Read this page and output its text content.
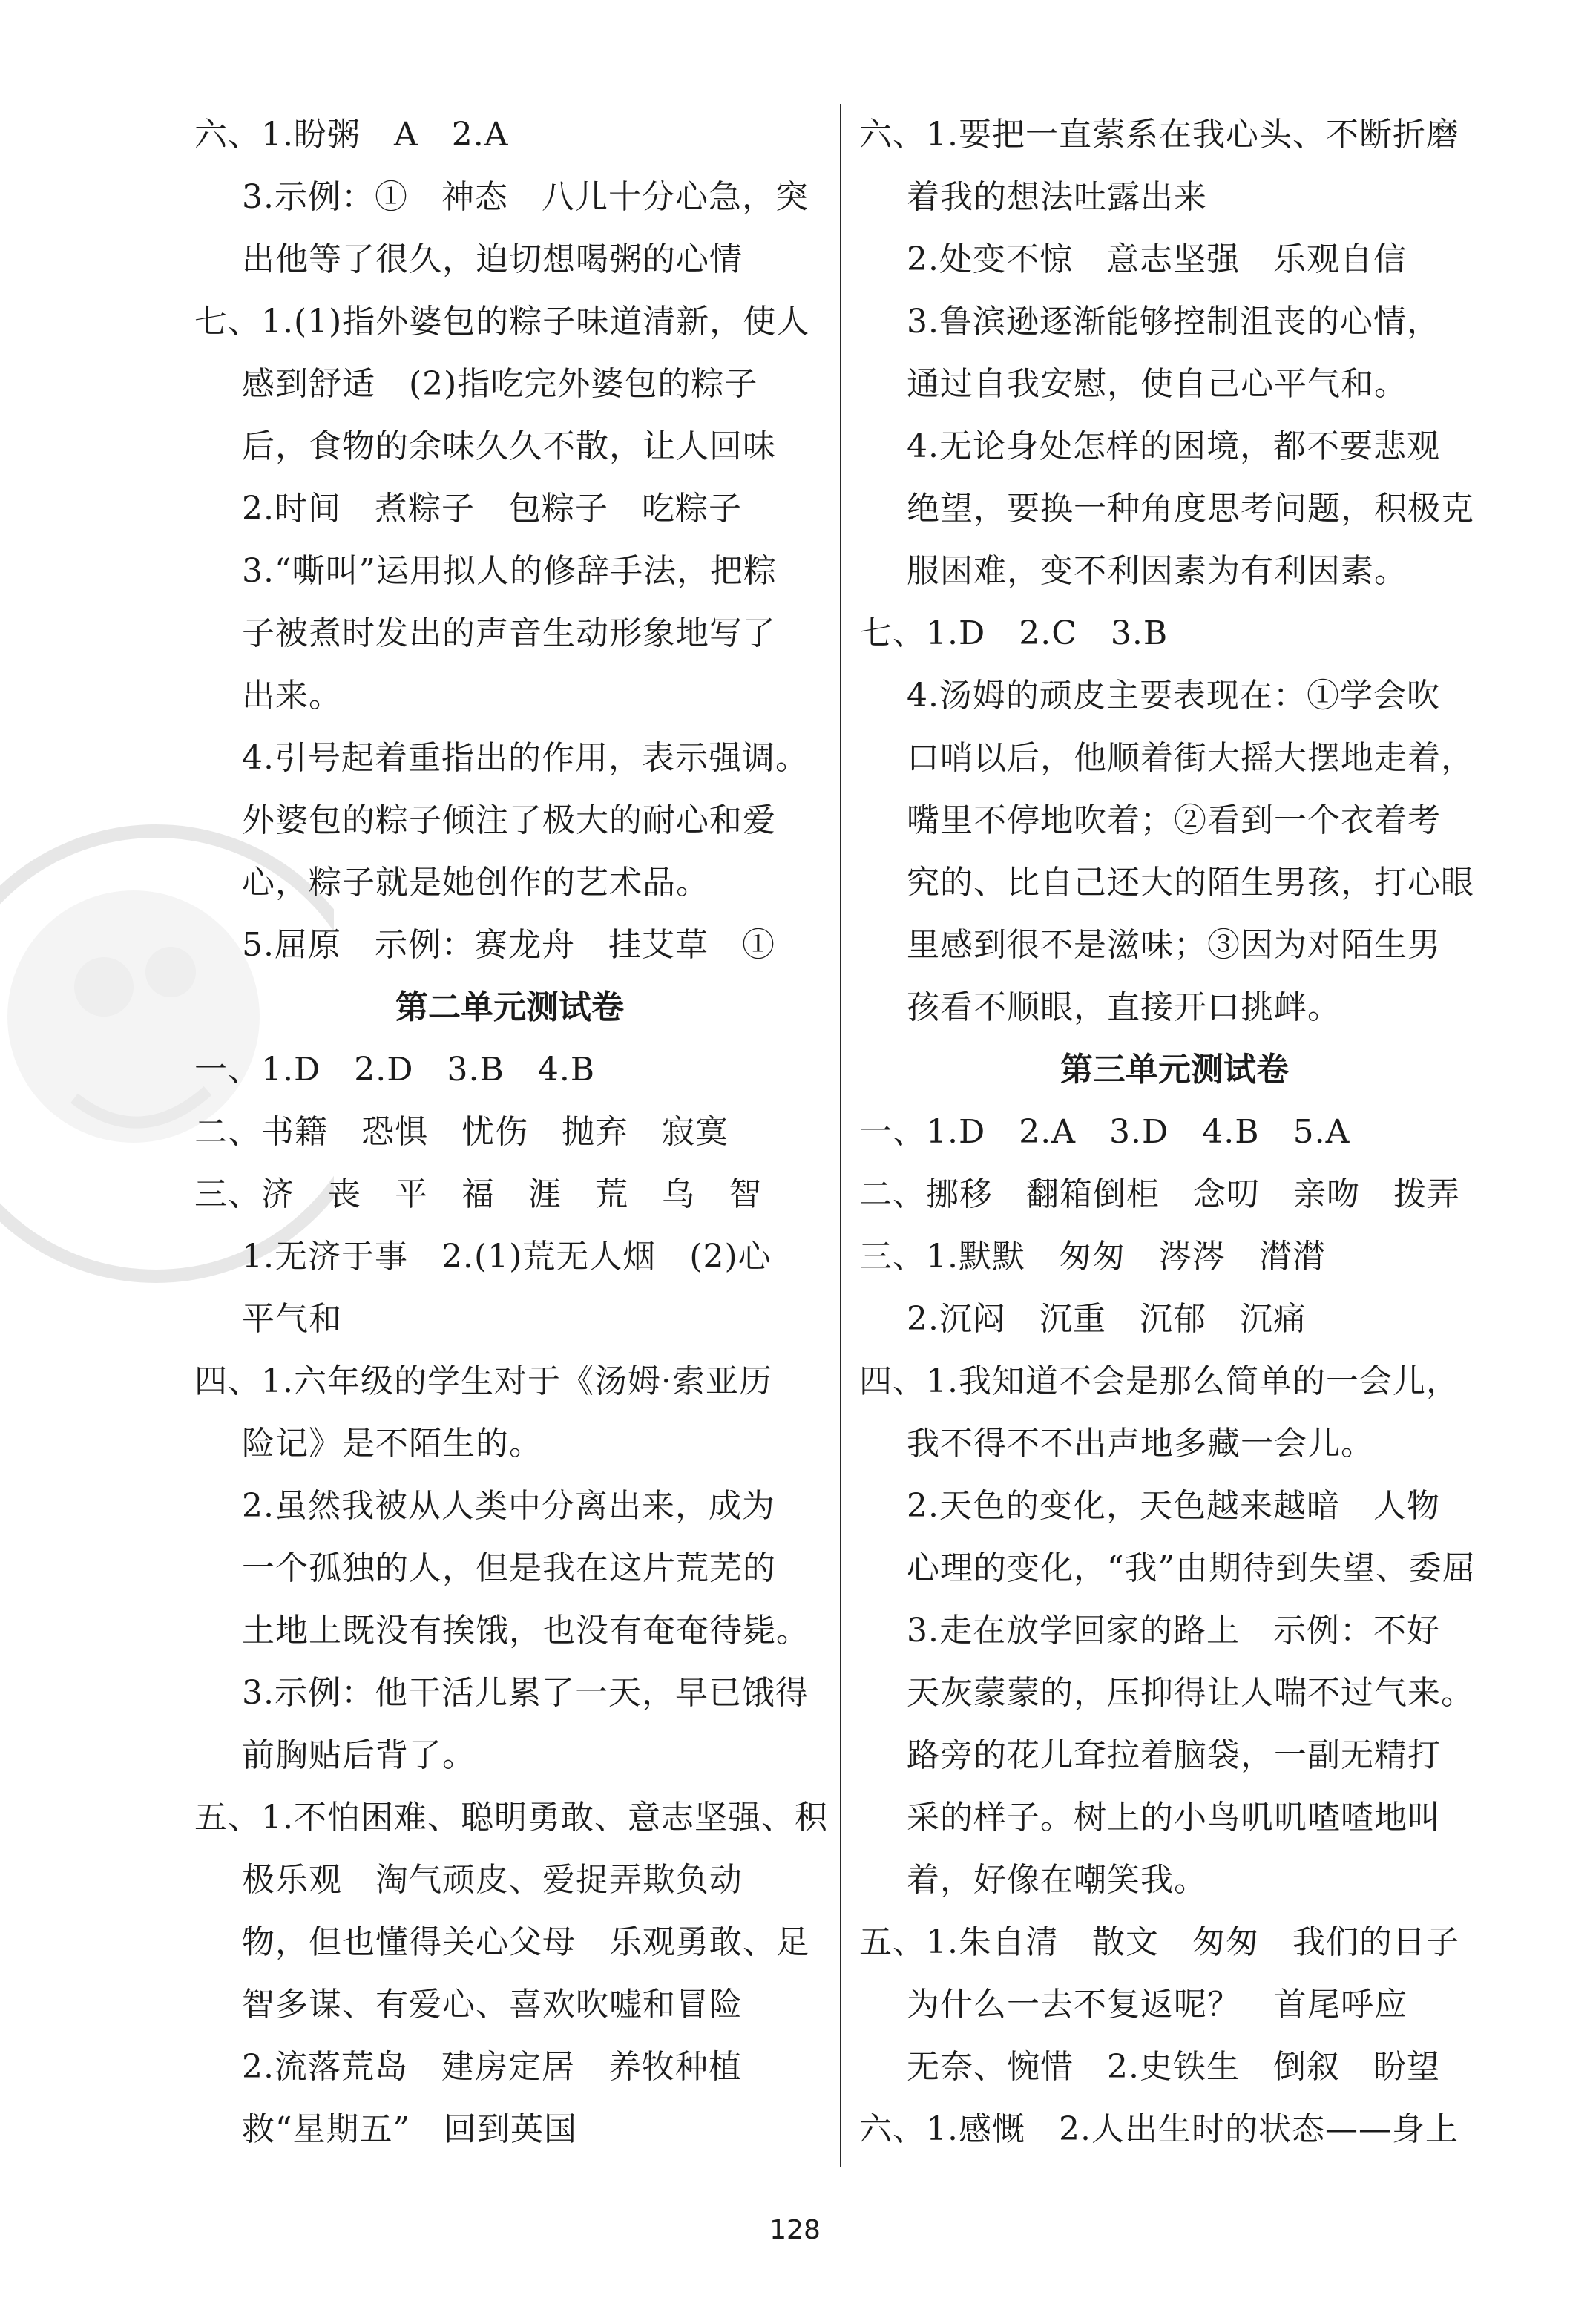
六、1.盼粥　A　2.A
3.示例：①　神态　八儿十分心急，突
出他等了很久，迫切想喝粥的心情
七、1.(1)指外婆包的粽子味道清新，使人
感到舒适　(2)指吃完外婆包的粽子
后，食物的余味久久不散，让人回味
2.时间　煮粽子　包粽子　吃粽子
3.“嘶叫”运用拟人的修辞手法，把粽
子被煮时发出的声音生动形象地写了
出来。
4.引号起着重指出的作用，表示强调。
外婆包的粽子倾注了极大的耐心和爱
心，粽子就是她创作的艺术品。
5.屈原　示例：赛龙舟　挂艾草　①
第二单元测试卷
一、1.D　2.D　3.B　4.B
二、书籍　恐惧　忧伤　抛弃　寂寞
三、济　丧　平　福　涯　荒　乌　智
1.无济于事　2.(1)荒无人烟　(2)心
平气和
四、1.六年级的学生对于《汤姆·索亚历
险记》是不陌生的。
2.虽然我被从人类中分离出来，成为
一个孤独的人，但是我在这片荒芜的
土地上既没有挨饿，也没有奄奄待毙。
3.示例：他干活儿累了一天，早已饿得
前胸贴后背了。
五、1.不怕困难、聪明勇敢、意志坚强、积
极乐观　淘气顽皮、爱捉弄欺负动
物，但也懂得关心父母　乐观勇敢、足
智多谋、有爱心、喜欢吹嘘和冒险
2.流落荒岛　建房定居　养牧种植
救“星期五”　回到英国
六、1.要把一直萦系在我心头、不断折磨
着我的想法吐露出来
2.处变不惊　意志坚强　乐观自信
3.鲁滨逊逐渐能够控制沮丧的心情，
通过自我安慰，使自己心平气和。
4.无论身处怎样的困境，都不要悲观
绝望，要换一种角度思考问题，积极克
服困难，变不利因素为有利因素。
七、1.D　2.C　3.B
4.汤姆的顽皮主要表现在：①学会吹
口哨以后，他顺着街大摇大摆地走着，
嘴里不停地吹着；②看到一个衣着考
究的、比自己还大的陌生男孩，打心眼
里感到很不是滋味；③因为对陌生男
孩看不顺眼，直接开口挑衅。
第三单元测试卷
一、1.D　2.A　3.D　4.B　5.A
二、挪移　翻箱倒柜　念叨　亲吻　拨弄
三、1.默默　匆匆　涔涔　潸潸
2.沉闷　沉重　沉郁　沉痛
四、1.我知道不会是那么简单的一会儿，
我不得不不出声地多藏一会儿。
2.天色的变化，天色越来越暗　人物
心理的变化，“我”由期待到失望、委屈
3.走在放学回家的路上　示例：不好
天灰蒙蒙的，压抑得让人喘不过气来。
路旁的花儿耷拉着脑袋，一副无精打
采的样子。树上的小鸟叽叽喳喳地叫
着，好像在嘲笑我。
五、1.朱自清　散文　匆匆　我们的日子
为什么一去不复返呢？　首尾呼应
无奈、惋惜　2.史铁生　倒叙　盼望
六、1.感慨　2.人出生时的状态——身上
128
